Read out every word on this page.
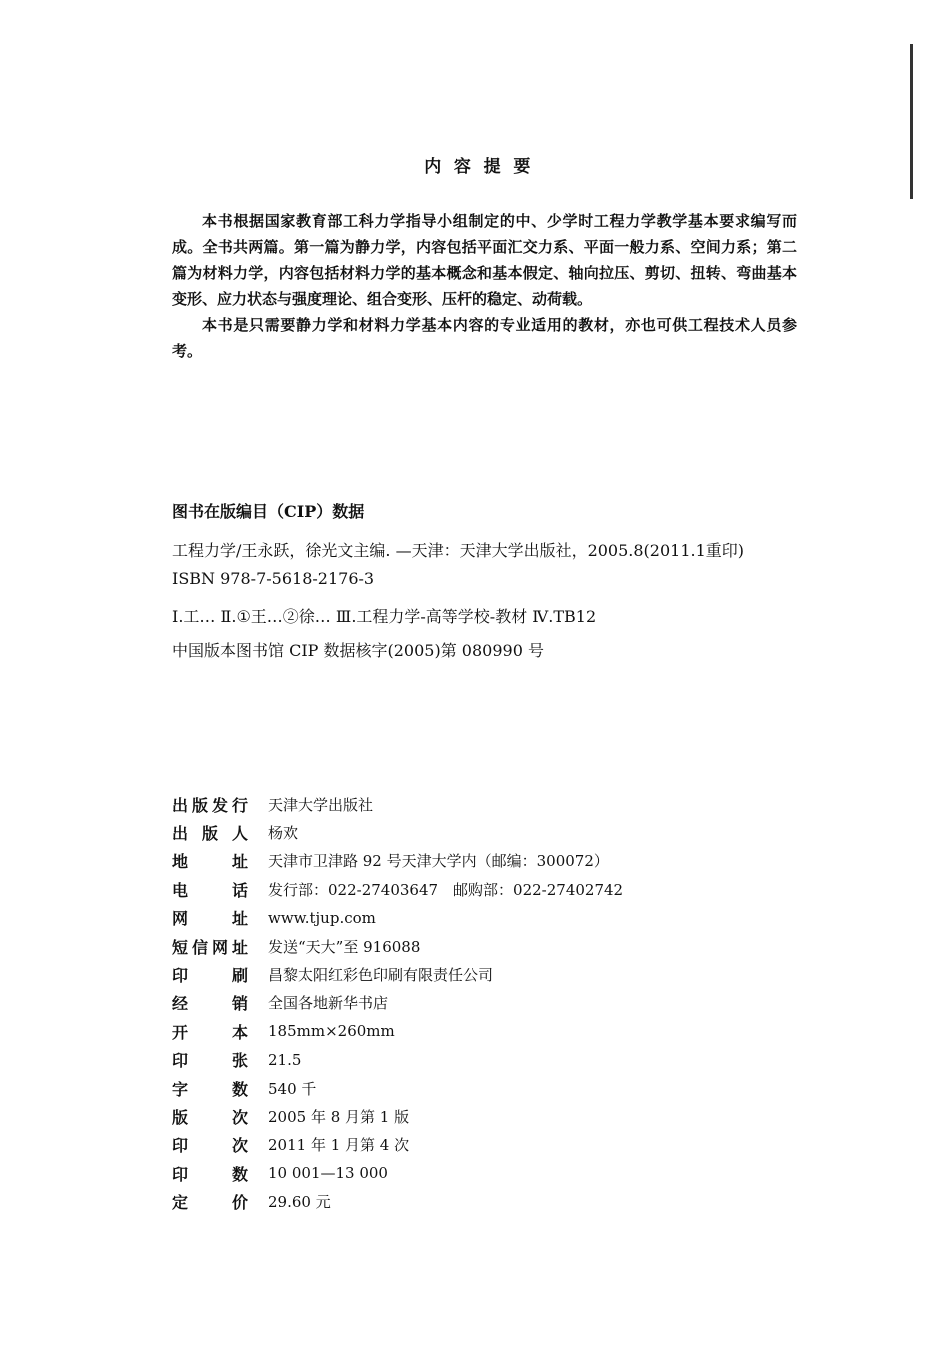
内 容 提 要

本书根据国家教育部工科力学指导小组制定的中、少学时工程力学教学基本要求编写而成。全书共两篇。第一篇为静力学，内容包括平面汇交力系、平面一般力系、空间力系；第二篇为材料力学，内容包括材料力学的基本概念和基本假定、轴向拉压、剪切、扭转、弯曲基本变形、应力状态与强度理论、组合变形、压杆的稳定、动荷载。

本书是只需要静力学和材料力学基本内容的专业适用的教材，亦也可供工程技术人员参考。

图书在版编目（CIP）数据
工程力学/王永跃，徐光文主编. —天津：天津大学出版社，2005.8(2011.1重印)
ISBN 978-7-5618-2176-3
Ⅰ.工… Ⅱ.①王…②徐… Ⅲ.工程力学-高等学校-教材 Ⅳ.TB12
中国版本图书馆 CIP 数据核字(2005)第 080990 号
出版发行 天津大学出版社
出版人 杨欢
地址 天津市卫津路 92 号天津大学内（邮编：300072）
电话 发行部：022-27403647　邮购部：022-27402742
网址 www.tjup.com
短信网址 发送“天大”至 916088
印刷 昌黎太阳红彩色印刷有限责任公司
经销 全国各地新华书店
开本 185mm×260mm
印张 21.5
字数 540 千
版次 2005 年 8 月第 1 版
印次 2011 年 1 月第 4 次
印数 10 001—13 000
定价 29.60 元
